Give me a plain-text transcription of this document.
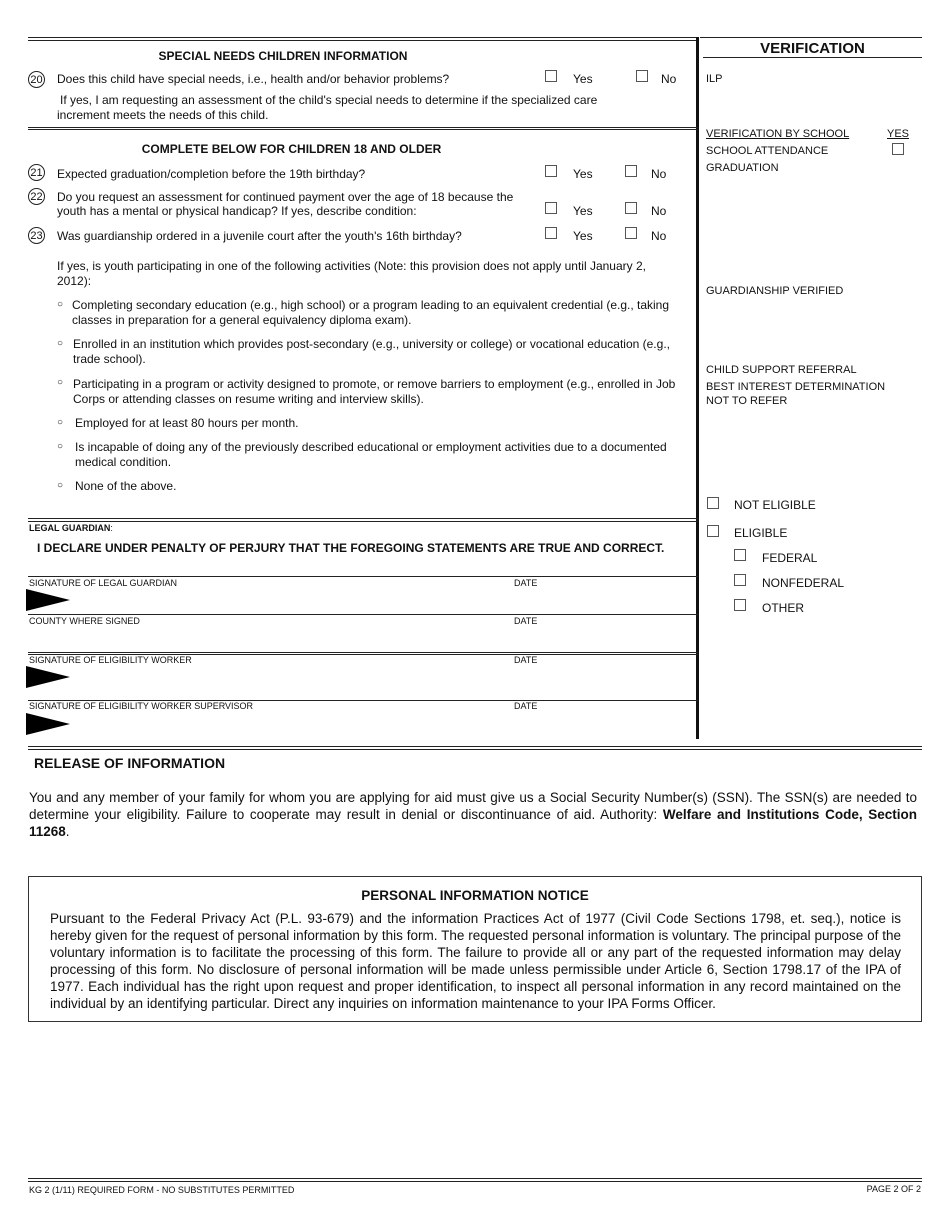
SPECIAL NEEDS CHILDREN INFORMATION
20 Does this child have special needs, i.e., health and/or behavior problems?	Yes	No
If yes, I am requesting an assessment of the child's special needs to determine if the specialized care increment meets the needs of this child.
COMPLETE BELOW FOR CHILDREN 18 AND OLDER
21 Expected graduation/completion before the 19th birthday?	Yes	No
22 Do you request an assessment for continued payment over the age of 18 because the youth has a mental or physical handicap? If yes, describe condition:	Yes	No
23 Was guardianship ordered in a juvenile court after the youth's 16th birthday?	Yes	No
If yes, is youth participating in one of the following activities (Note: this provision does not apply until January 2, 2012):
○ Completing secondary education (e.g., high school) or a program leading to an equivalent credential (e.g., taking classes in preparation for a general equivalency diploma exam).
○ Enrolled in an institution which provides post-secondary (e.g., university or college) or vocational education (e.g., trade school).
○ Participating in a program or activity designed to promote, or remove barriers to employment (e.g., enrolled in Job Corps or attending classes on resume writing and interview skills).
○ Employed for at least 80 hours per month.
○ Is incapable of doing any of the previously described educational or employment activities due to a documented medical condition.
○ None of the above.
LEGAL GUARDIAN:
I DECLARE UNDER PENALTY OF PERJURY THAT THE FOREGOING STATEMENTS ARE TRUE AND CORRECT.
SIGNATURE OF LEGAL GUARDIAN	DATE
COUNTY WHERE SIGNED	DATE
SIGNATURE OF ELIGIBILITY WORKER	DATE
SIGNATURE OF ELIGIBILITY WORKER SUPERVISOR	DATE
VERIFICATION
ILP
VERIFICATION BY SCHOOL	YES
SCHOOL ATTENDANCE
GRADUATION
GUARDIANSHIP VERIFIED
CHILD SUPPORT REFERRAL
BEST INTEREST DETERMINATION
NOT TO REFER
NOT ELIGIBLE
ELIGIBLE
FEDERAL
NONFEDERAL
OTHER
RELEASE OF INFORMATION
You and any member of your family for whom you are applying for aid must give us a Social Security Number(s) (SSN). The SSN(s) are needed to determine your eligibility. Failure to cooperate may result in denial or discontinuance of aid. Authority: Welfare and Institutions Code, Section 11268.
PERSONAL INFORMATION NOTICE
Pursuant to the Federal Privacy Act (P.L. 93-679) and the information Practices Act of 1977 (Civil Code Sections 1798, et. seq.), notice is hereby given for the request of personal information by this form. The requested personal information is voluntary. The principal purpose of the voluntary information is to facilitate the processing of this form. The failure to provide all or any part of the requested information may delay processing of this form. No disclosure of personal information will be made unless permissible under Article 6, Section 1798.17 of the IPA of 1977. Each individual has the right upon request and proper identification, to inspect all personal information in any record maintained on the individual by an identifying particular. Direct any inquiries on information maintenance to your IPA Forms Officer.
KG 2 (1/11) REQUIRED FORM - NO SUBSTITUTES PERMITTED	PAGE 2 OF 2
